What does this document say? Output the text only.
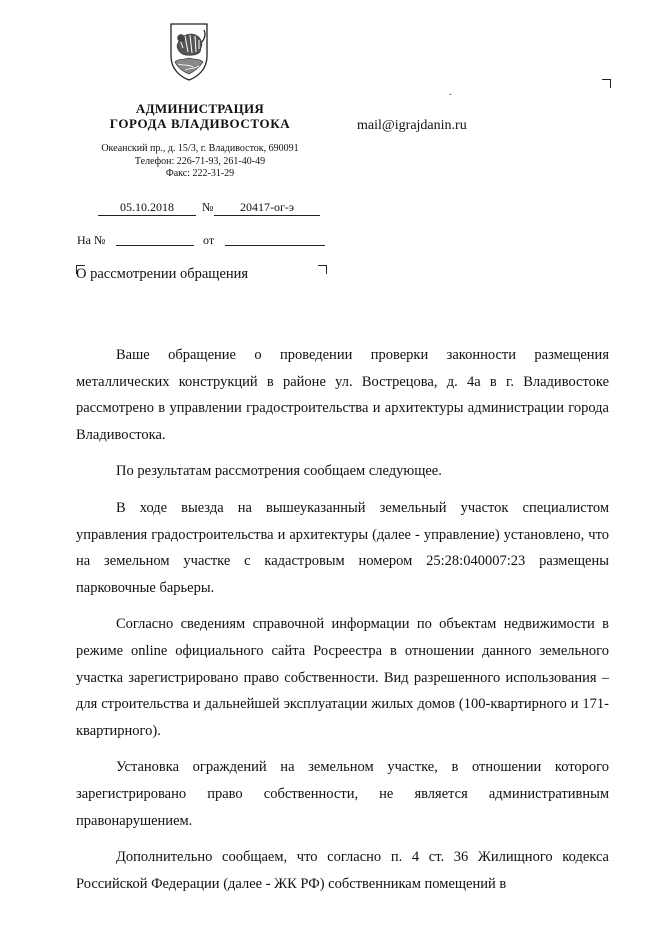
АДМИНИСТРАЦИЯ
ГОРОДА ВЛАДИВОСТОКА
Океанский пр., д. 15/3, г. Владивосток, 690091
Телефон: 226-71-93, 261-40-49
Факс: 222-31-29
.
mail@igrajdanin.ru
05.10.2018	№	20417-ог-э
На №	от
О рассмотрении обращения

Ваше обращение о проведении проверки законности размещения металлических конструкций в районе ул. Вострецова, д. 4а в г. Владивостоке рассмотрено в управлении градостроительства и архитектуры администрации города Владивостока.

По результатам рассмотрения сообщаем следующее.

В ходе выезда на вышеуказанный земельный участок специалистом управления градостроительства и архитектуры (далее - управление) установлено, что на земельном участке с кадастровым номером 25:28:040007:23 размещены парковочные барьеры.

Согласно сведениям справочной информации по объектам недвижимости в режиме online официального сайта Росреестра в отношении данного земельного участка зарегистрировано право собственности. Вид разрешенного использования – для строительства и дальнейшей эксплуатации жилых домов (100-квартирного и 171-квартирного).

Установка ограждений на земельном участке, в отношении которого зарегистрировано право собственности, не является административным правонарушением.

Дополнительно сообщаем, что согласно п. 4 ст. 36 Жилищного кодекса Российской Федерации (далее - ЖК РФ) собственникам помещений в
